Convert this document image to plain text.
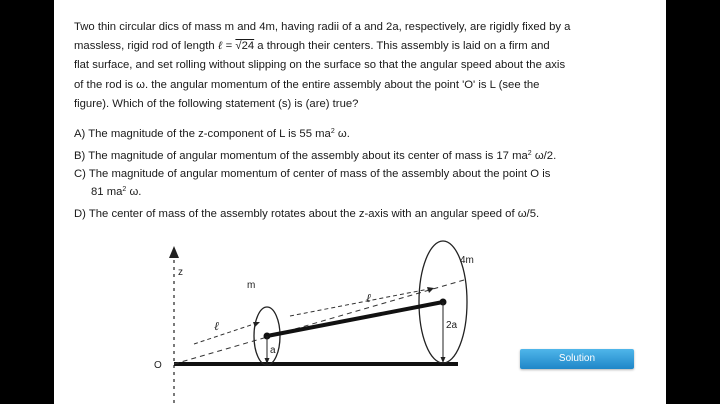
Two thin circular dics of mass m and 4m, having radii of a and 2a, respectively, are rigidly fixed by a
massless, rigid rod of length ℓ = √24 a through their centers. This assembly is laid on a firm and
flat surface, and set rolling without slipping on the surface so that the angular speed about the axis
of the rod is ω. the angular momentum of the entire assembly about the point 'O' is L (see the
figure). Which of the following statement (s) is (are) true?

A) The magnitude of the z-component of L is 55 $ma^2$ ω.

B) The magnitude of angular momentum of the assembly about its center of mass is 17 $ma^2$ ω/2.

C) The magnitude of angular momentum of center of mass of the assembly about the point O is

81 $ma^2$ ω.

D) The center of mass of the assembly rotates about the z-axis with an angular speed of ω/5.

z
O
a
2a
m
4m
ℓ
ℓ
Solution
